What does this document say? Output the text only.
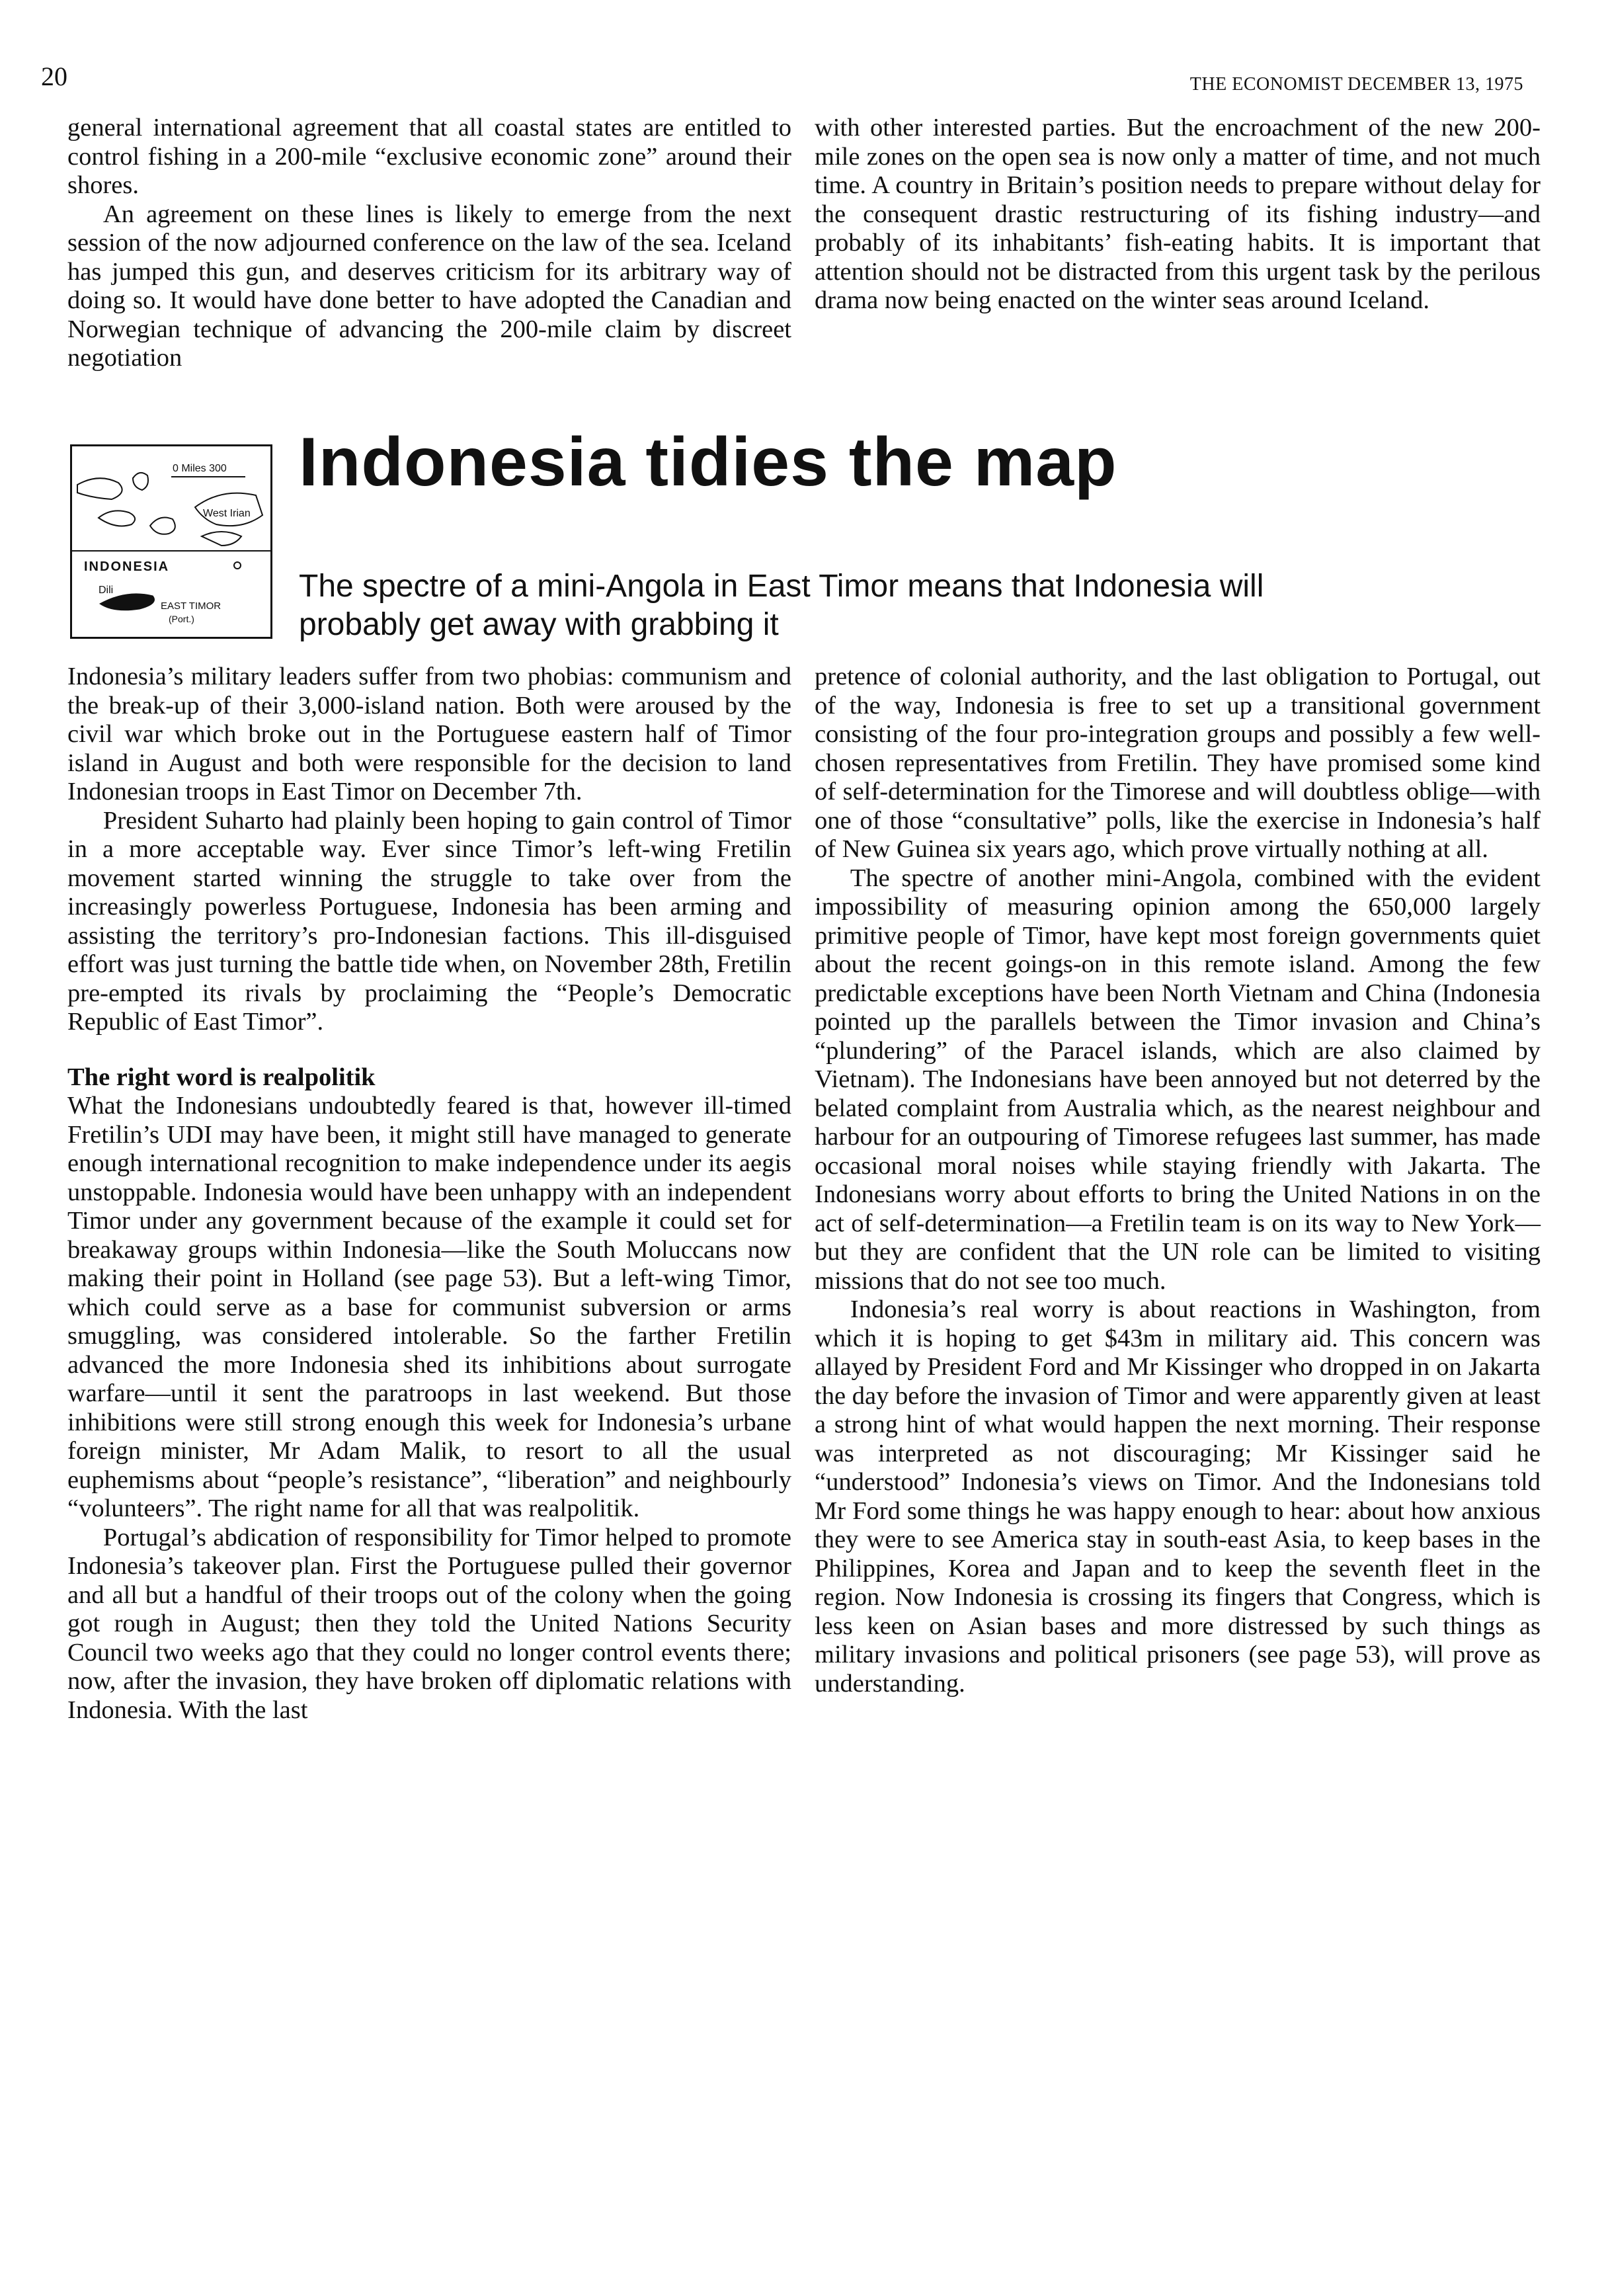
20	THE ECONOMIST DECEMBER 13, 1975

general international agreement that all coastal states are entitled to control fishing in a 200-mile “exclusive economic zone” around their shores.

An agreement on these lines is likely to emerge from the next session of the now adjourned conference on the law of the sea. Iceland has jumped this gun, and deserves criticism for its arbitrary way of doing so. It would have done better to have adopted the Canadian and Norwegian technique of advancing the 200-mile claim by discreet negotiation

with other interested parties. But the encroachment of the new 200-mile zones on the open sea is now only a matter of time, and not much time. A country in Britain’s position needs to prepare without delay for the consequent drastic restructuring of its fishing industry—and probably of its inhabitants’ fish-eating habits. It is important that attention should not be distracted from this urgent task by the perilous drama now being enacted on the winter seas around Iceland.

0 Miles 300
West Irian
INDONESIA
Dili
EAST TIMOR
(Port.)
Indonesia tidies the map
The spectre of a mini-Angola in East Timor means that Indonesia will probably get away with grabbing it

Indonesia’s military leaders suffer from two phobias: communism and the break-up of their 3,000-island nation. Both were aroused by the civil war which broke out in the Portuguese eastern half of Timor island in August and both were responsible for the decision to land Indonesian troops in East Timor on December 7th.

President Suharto had plainly been hoping to gain control of Timor in a more acceptable way. Ever since Timor’s left-wing Fretilin movement started winning the struggle to take over from the increasingly powerless Portuguese, Indonesia has been arming and assisting the territory’s pro-Indonesian factions. This ill-disguised effort was just turning the battle tide when, on November 28th, Fretilin pre-empted its rivals by proclaiming the “People’s Democratic Republic of East Timor”.

The right word is realpolitik

What the Indonesians undoubtedly feared is that, however ill-timed Fretilin’s UDI may have been, it might still have managed to generate enough international recognition to make independence under its aegis unstoppable. Indonesia would have been unhappy with an independent Timor under any government because of the example it could set for breakaway groups within Indonesia—like the South Moluccans now making their point in Holland (see page 53). But a left-wing Timor, which could serve as a base for communist subversion or arms smuggling, was considered intolerable. So the farther Fretilin advanced the more Indonesia shed its inhibitions about surrogate warfare—until it sent the paratroops in last weekend. But those inhibitions were still strong enough this week for Indonesia’s urbane foreign minister, Mr Adam Malik, to resort to all the usual euphemisms about “people’s resistance”, “liberation” and neighbourly “volunteers”. The right name for all that was realpolitik.

Portugal’s abdication of responsibility for Timor helped to promote Indonesia’s takeover plan. First the Portuguese pulled their governor and all but a handful of their troops out of the colony when the going got rough in August; then they told the United Nations Security Council two weeks ago that they could no longer control events there; now, after the invasion, they have broken off diplomatic relations with Indonesia. With the last

pretence of colonial authority, and the last obligation to Portugal, out of the way, Indonesia is free to set up a transitional government consisting of the four pro-integration groups and possibly a few well-chosen representatives from Fretilin. They have promised some kind of self-determination for the Timorese and will doubtless oblige—with one of those “consultative” polls, like the exercise in Indonesia’s half of New Guinea six years ago, which prove virtually nothing at all.

The spectre of another mini-Angola, combined with the evident impossibility of measuring opinion among the 650,000 largely primitive people of Timor, have kept most foreign governments quiet about the recent goings-on in this remote island. Among the few predictable exceptions have been North Vietnam and China (Indonesia pointed up the parallels between the Timor invasion and China’s “plundering” of the Paracel islands, which are also claimed by Vietnam). The Indonesians have been annoyed but not deterred by the belated complaint from Australia which, as the nearest neighbour and harbour for an outpouring of Timorese refugees last summer, has made occasional moral noises while staying friendly with Jakarta. The Indonesians worry about efforts to bring the United Nations in on the act of self-determination—a Fretilin team is on its way to New York—but they are confident that the UN role can be limited to visiting missions that do not see too much.

Indonesia’s real worry is about reactions in Washington, from which it is hoping to get $43m in military aid. This concern was allayed by President Ford and Mr Kissinger who dropped in on Jakarta the day before the invasion of Timor and were apparently given at least a strong hint of what would happen the next morning. Their response was interpreted as not discouraging; Mr Kissinger said he “understood” Indonesia’s views on Timor. And the Indonesians told Mr Ford some things he was happy enough to hear: about how anxious they were to see America stay in south-east Asia, to keep bases in the Philippines, Korea and Japan and to keep the seventh fleet in the region. Now Indonesia is crossing its fingers that Congress, which is less keen on Asian bases and more distressed by such things as military invasions and political prisoners (see page 53), will prove as understanding.
